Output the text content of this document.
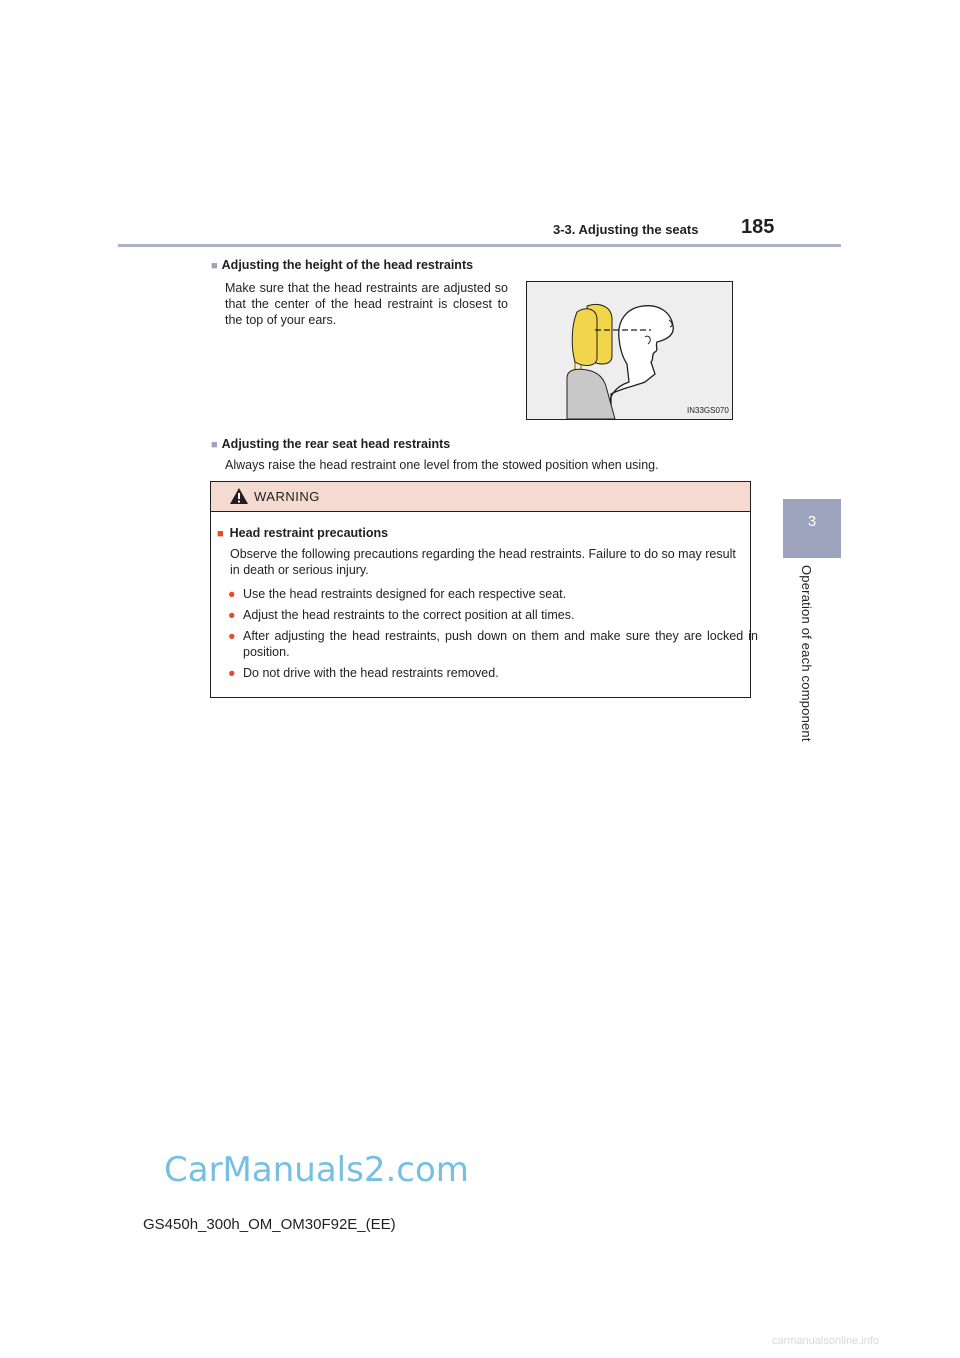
3-3. Adjusting the seats 185
3
Operation of each component
■ Adjusting the height of the head restraints
Make sure that the head restraints are adjusted so that the center of the head restraint is closest to the top of your ears.
IN33GS070
■ Adjusting the rear seat head restraints
Always raise the head restraint one level from the stowed position when using.
WARNING
■ Head restraint precautions
Observe the following precautions regarding the head restraints. Failure to do so may result in death or serious injury.
● Use the head restraints designed for each respective seat.
● Adjust the head restraints to the correct position at all times.
● After adjusting the head restraints, push down on them and make sure they are locked in position.
● Do not drive with the head restraints removed.
CarManuals2.com
GS450h_300h_OM_OM30F92E_(EE)
carmanualsonline.info
